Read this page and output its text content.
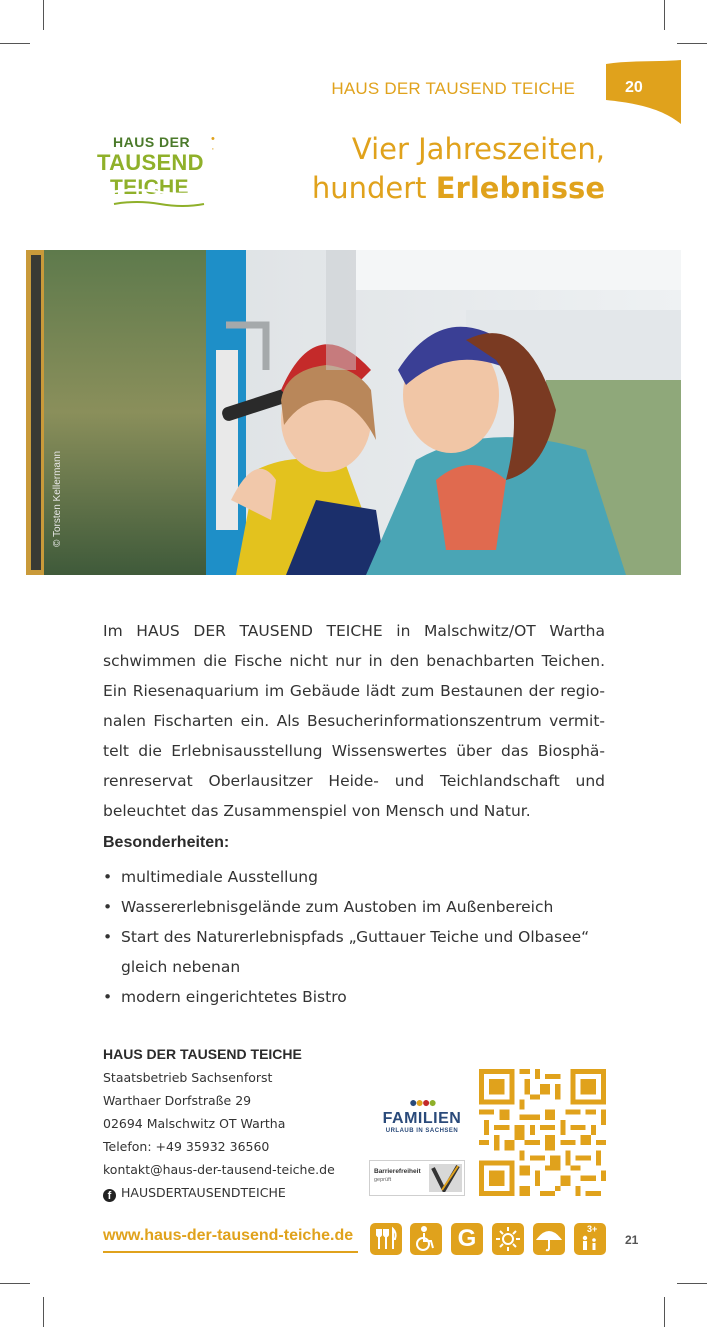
HAUS DER TAUSEND TEICHE	20
HAUS DER •
·
TAUSEND
TEICHE
Vier Jahreszeiten,
hundert Erlebnisse
© Torsten Kellermann
Im HAUS DER TAUSEND TEICHE in Malschwitz/OT Wartha schwimmen die Fische nicht nur in den benachbarten Teichen. Ein Riesenaquarium im Gebäude lädt zum Bestaunen der regionalen Fischarten ein. Als Besucherinformationszentrum vermittelt die Erlebnisausstellung Wissenswertes über das Biosphärenreservat Oberlausitzer Heide- und Teichlandschaft und beleuchtet das Zusammenspiel von Mensch und Natur.
Besonderheiten:
• multimediale Ausstellung
• Wassererlebnisgelände zum Austoben im Außenbereich
• Start des Naturerlebnispfads „Guttauer Teiche und Olbasee“ gleich nebenan
• modern eingerichtetes Bistro
HAUS DER TAUSEND TEICHE
Staatsbetrieb Sachsenforst
Warthaer Dorfstraße 29
02694 Malschwitz OT Wartha
Telefon: +49 35932 36560
kontakt@haus-der-tausend-teiche.de
f HAUSDERTAUSENDTEICHE
●●●●
FAMILIEN
URLAUB IN SACHSEN
Barrierefreiheit
geprüft
www.haus-der-tausend-teiche.de	G	3+
21
